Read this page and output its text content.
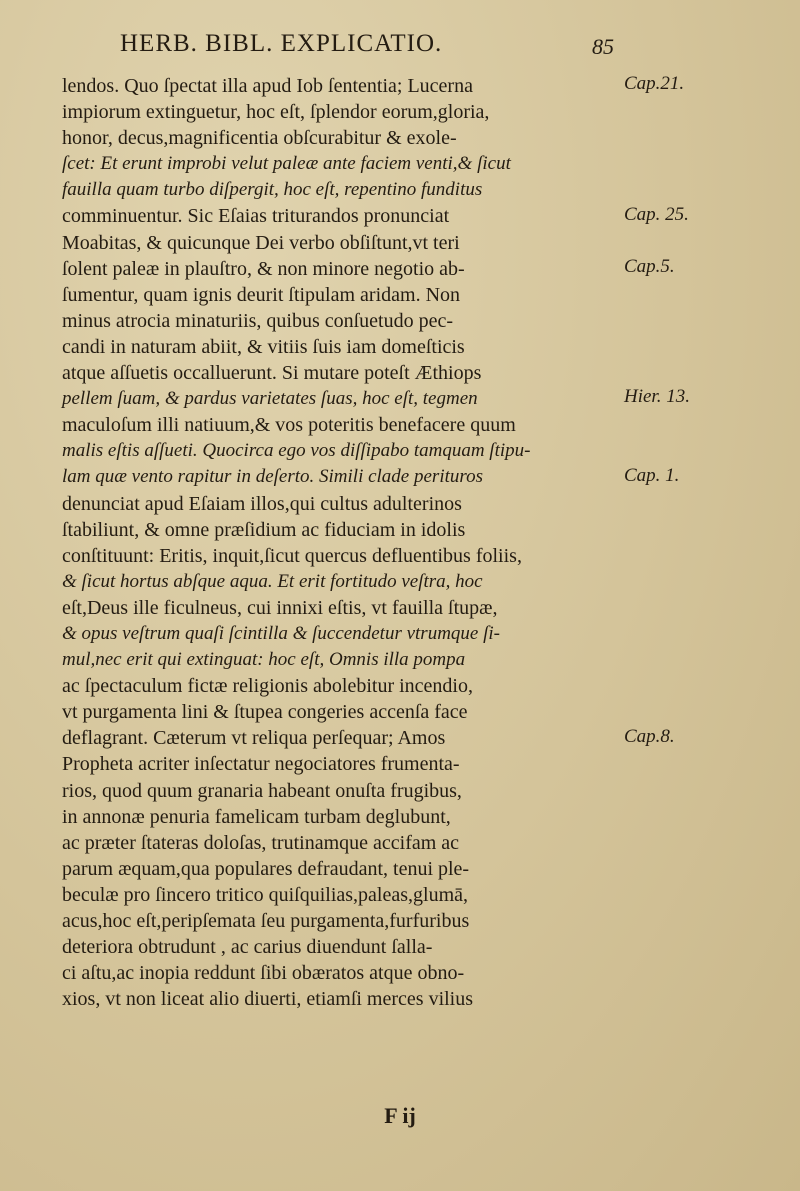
HERB. BIBL. EXPLICATIO.	85
lendos. Quo ſpectat illa apud Iob ſententia; Lucerna
impiorum extinguetur, hoc eſt, ſplendor eorum,gloria,
honor, decus,magnificentia obſcurabitur & exole-
ſcet: Et erunt improbi velut paleæ ante faciem venti,& ſicut
fauilla quam turbo diſpergit, hoc eſt, repentino funditus
comminuentur. Sic Eſaias triturandos pronunciat
Moabitas, & quicunque Dei verbo obſiſtunt,vt teri
ſolent paleæ in plauſtro, & non minore negotio ab-
ſumentur, quam ignis deurit ſtipulam aridam. Non
minus atrocia minaturiis, quibus conſuetudo pec-
candi in naturam abiit, & vitiis ſuis iam domeſticis
atque aſſuetis occalluerunt. Si mutare poteſt Æthiops
pellem ſuam, & pardus varietates ſuas, hoc eſt, tegmen
maculoſum illi natiuum,& vos poteritis benefacere quum
malis eſtis aſſueti. Quocirca ego vos diſſipabo tamquam ſtipu-
lam quæ vento rapitur in deſerto. Simili clade perituros
denunciat apud Eſaiam illos,qui cultus adulterinos
ſtabiliunt, & omne præſidium ac fiduciam in idolis
conſtituunt: Eritis, inquit,ſicut quercus defluentibus foliis,
& ſicut hortus abſque aqua. Et erit fortitudo veſtra, hoc
eſt,Deus ille ficulneus, cui innixi eſtis, vt fauilla ſtupæ,
& opus veſtrum quaſi ſcintilla & ſuccendetur vtrumque ſi-
mul,nec erit qui extinguat: hoc eſt, Omnis illa pompa
ac ſpectaculum fictæ religionis abolebitur incendio,
vt purgamenta lini & ſtupea congeries accenſa face
deflagrant. Cæterum vt reliqua perſequar; Amos
Propheta acriter inſectatur negociatores frumenta-
rios, quod quum granaria habeant onuſta frugibus,
in annonæ penuria famelicam turbam deglubunt,
ac præter ſtateras doloſas, trutinamque accifam ac
parum æquam,qua populares defraudant, tenui ple-
beculæ pro ſincero tritico quiſquilias,paleas,glumā,
acus,hoc eſt,peripſemata ſeu purgamenta,furfuribus
deteriora obtrudunt , ac carius diuendunt ſalla-
ci aſtu,ac inopia reddunt ſibi obæratos atque obno-
xios, vt non liceat alio diuerti, etiamſi merces vilius
Cap.21.
Cap. 25.
Cap.5.
Hier. 13.
Cap. 1.
Cap.8.
F ij
